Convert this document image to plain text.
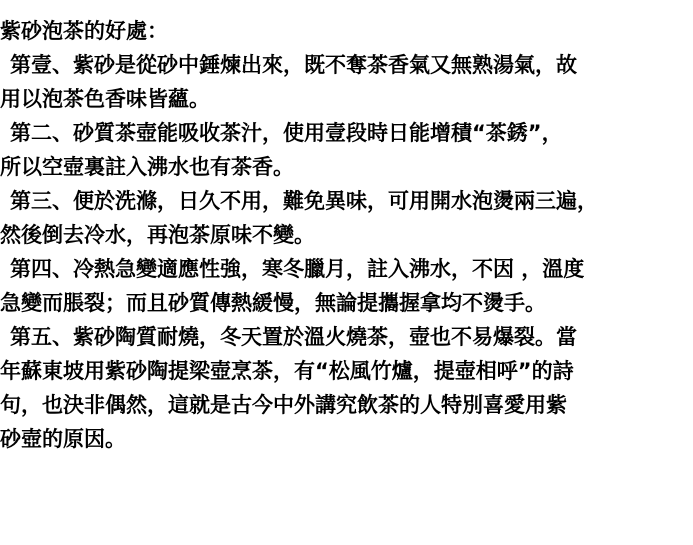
紫砂泡茶的好處：
第壹、紫砂是從砂中錘煉出來，既不奪茶香氣又無熟湯氣，故
用以泡茶色香味皆蘊。
第二、砂質茶壺能吸收茶汁，使用壹段時日能增積“茶銹”，
所以空壺裏註入沸水也有茶香。
第三、便於洗滌，日久不用，難免異味，可用開水泡燙兩三遍，
然後倒去冷水，再泡茶原味不變。
第四、冷熱急變適應性強，寒冬臘月，註入沸水，不因 ，溫度
急變而脹裂；而且砂質傳熱緩慢，無論提攜握拿均不燙手。
第五、紫砂陶質耐燒，冬天置於溫火燒茶，壺也不易爆裂。當
年蘇東坡用紫砂陶提梁壺烹茶，有“松風竹爐，提壺相呼”的詩
句，也決非偶然，這就是古今中外講究飲茶的人特別喜愛用紫
砂壺的原因。
